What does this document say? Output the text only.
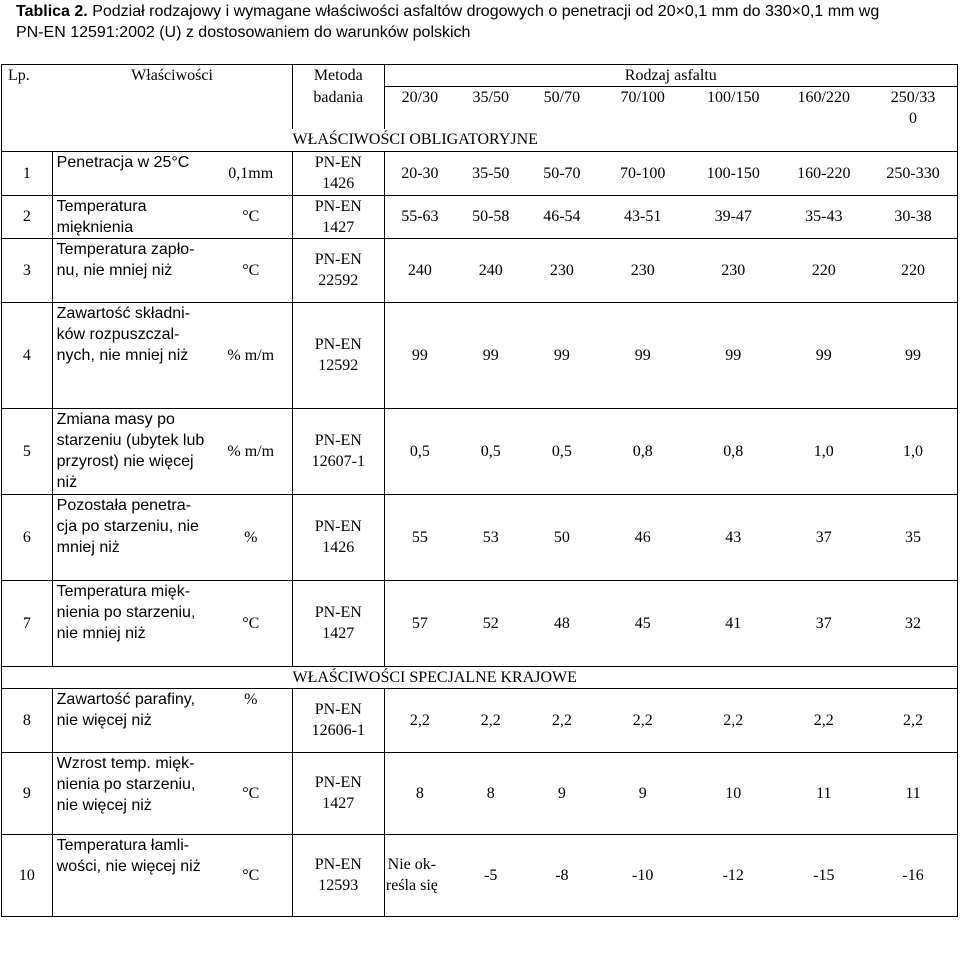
Tablica 2. Podział rodzajowy i wymagane właściwości asfaltów drogowych o penetracji od 20×0,1 mm do 330×0,1 mm wg
PN-EN 12591:2002 (U) z dostosowaniem do warunków polskich
Lp.	Właściwości		Metoda	Rodzaj asfaltu						
			badania	20/30	35/50	50/70	70/100	100/150	160/220	250/330
			WŁAŚCIWOŚCI OBLIGATORYJNE							
1	Penetracja w 25°C	0,1mm	PN-EN 1426	20-30	35-50	50-70	70-100	100-150	160-220	250-330
2	Temperatura mięknienia	°C	PN-EN 1427	55-63	50-58	46-54	43-51	39-47	35-43	30-38
3	Temperatura zapło-nu, nie mniej niż	°C	PN-EN 22592	240	240	230	230	230	220	220
4	Zawartość składni-ków rozpuszczal-nych, nie mniej niż	% m/m	PN-EN 12592	99	99	99	99	99	99	99
5	Zmiana masy po starzeniu (ubytek lub przyrost) nie więcej niż	% m/m	PN-EN 12607-1	0,5	0,5	0,5	0,8	0,8	1,0	1,0
6	Pozostała penetra-cja po starzeniu, nie mniej niż	%	PN-EN 1426	55	53	50	46	43	37	35
7	Temperatura mięk-nienia po starzeniu, nie mniej niż	°C	PN-EN 1427	57	52	48	45	41	37	32
			WŁAŚCIWOŚCI SPECJALNE KRAJOWE							
8	Zawartość parafiny, nie więcej niż	%	PN-EN 12606-1	2,2	2,2	2,2	2,2	2,2	2,2	2,2
9	Wzrost temp. mięk-nienia po starzeniu, nie więcej niż	°C	PN-EN 1427	8	8	9	9	10	11	11
10	Temperatura łamli-wości, nie więcej niż	°C	PN-EN 12593	Nie ok-reśla się	-5	-8	-10	-12	-15	-16
